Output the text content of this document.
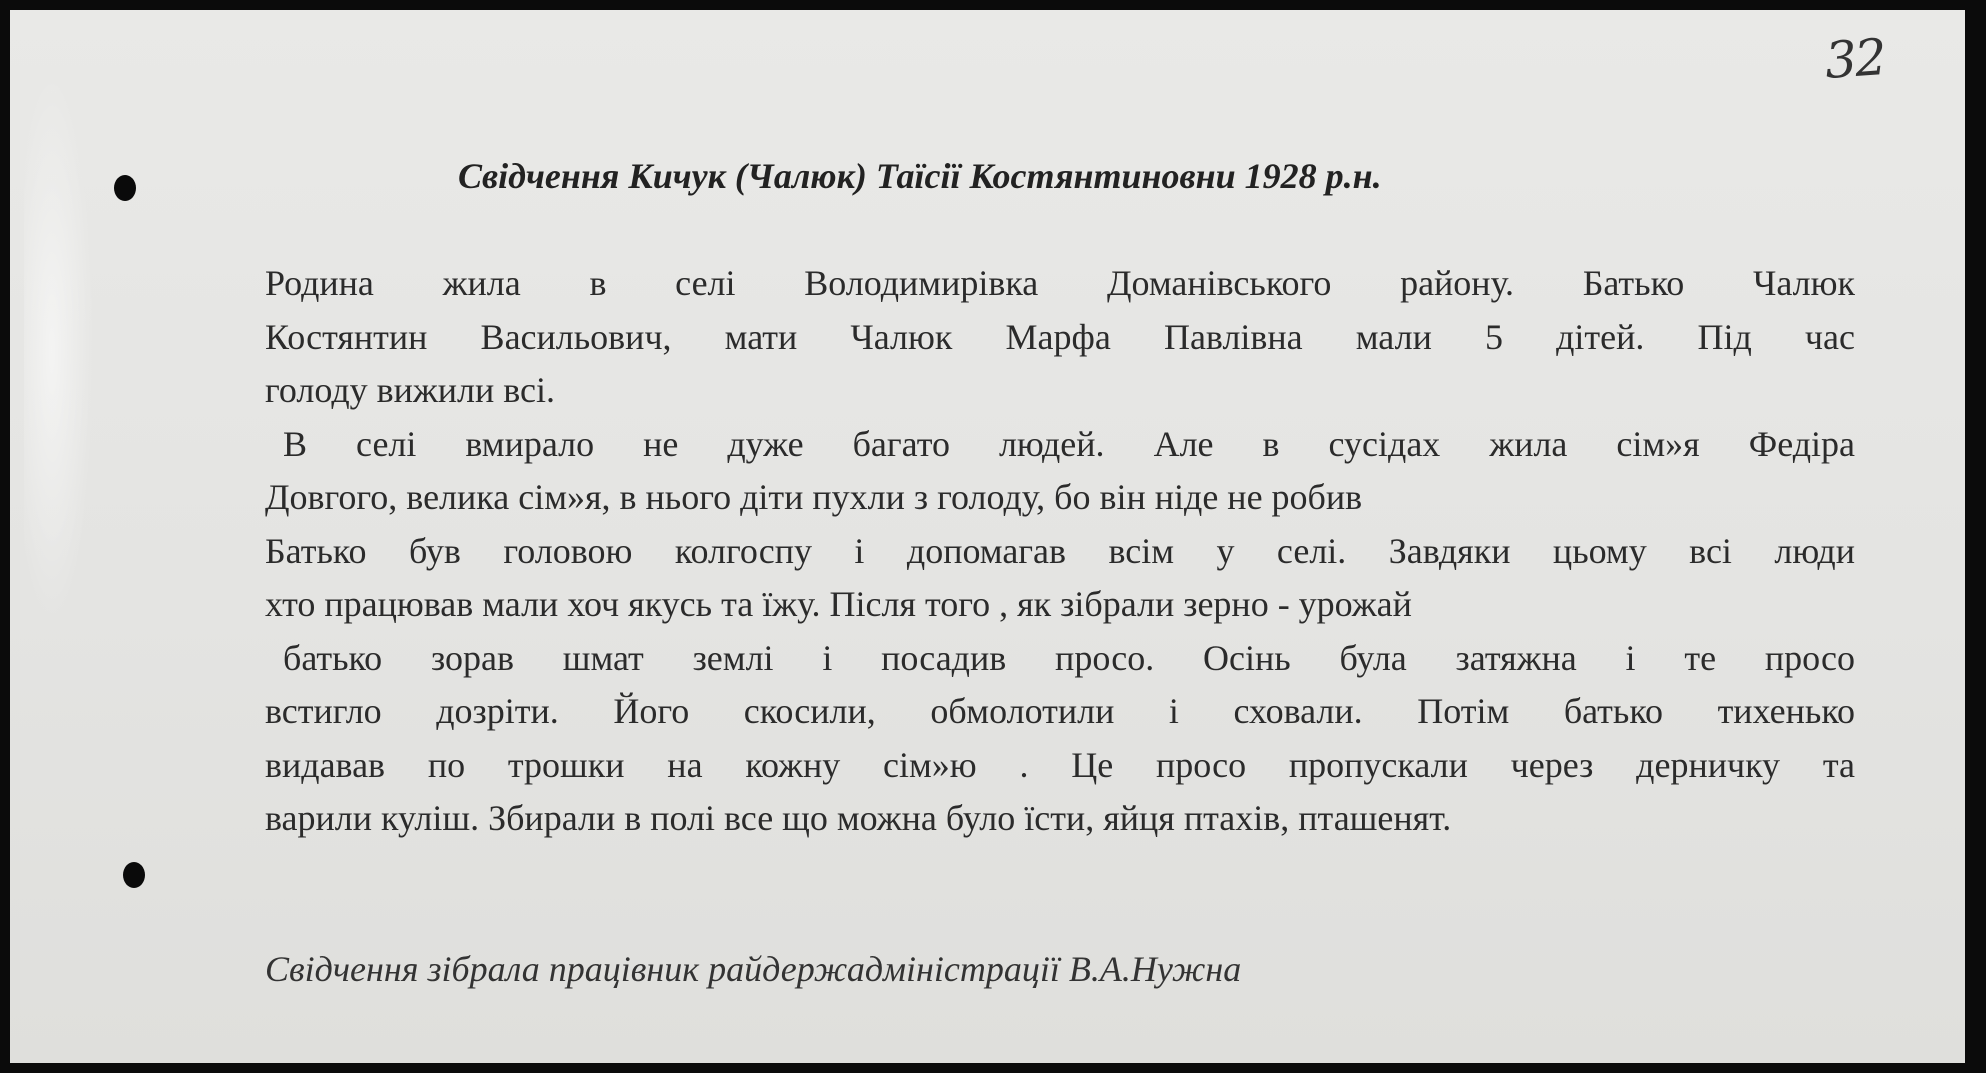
32
Свідчення Кичук (Чалюк) Таїсії Костянтиновни 1928 р.н.
Родина жила в селі Володимирівка Доманівського району. Батько Чалюк
Костянтин Васильович, мати Чалюк Марфа Павлівна мали 5 дітей. Під час
голоду вижили всі.
В селі вмирало не дуже багато людей. Але в сусідах жила сім»я Федіра
Довгого, велика сім»я, в нього діти пухли з голоду, бо він ніде не робив
Батько був головою колгоспу і допомагав всім у селі. Завдяки цьому всі люди
хто працював мали хоч якусь та їжу. Після того , як зібрали зерно - урожай
батько зорав шмат землі і посадив просо. Осінь була затяжна і те просо
встигло дозріти. Його скосили, обмолотили і сховали. Потім батько тихенько
видавав по трошки на кожну сім»ю . Це просо пропускали через дерничку та
варили куліш. Збирали в полі все що можна було їсти, яйця птахів, пташенят.
Свідчення зібрала працівник райдержадміністрації В.А.Нужна
